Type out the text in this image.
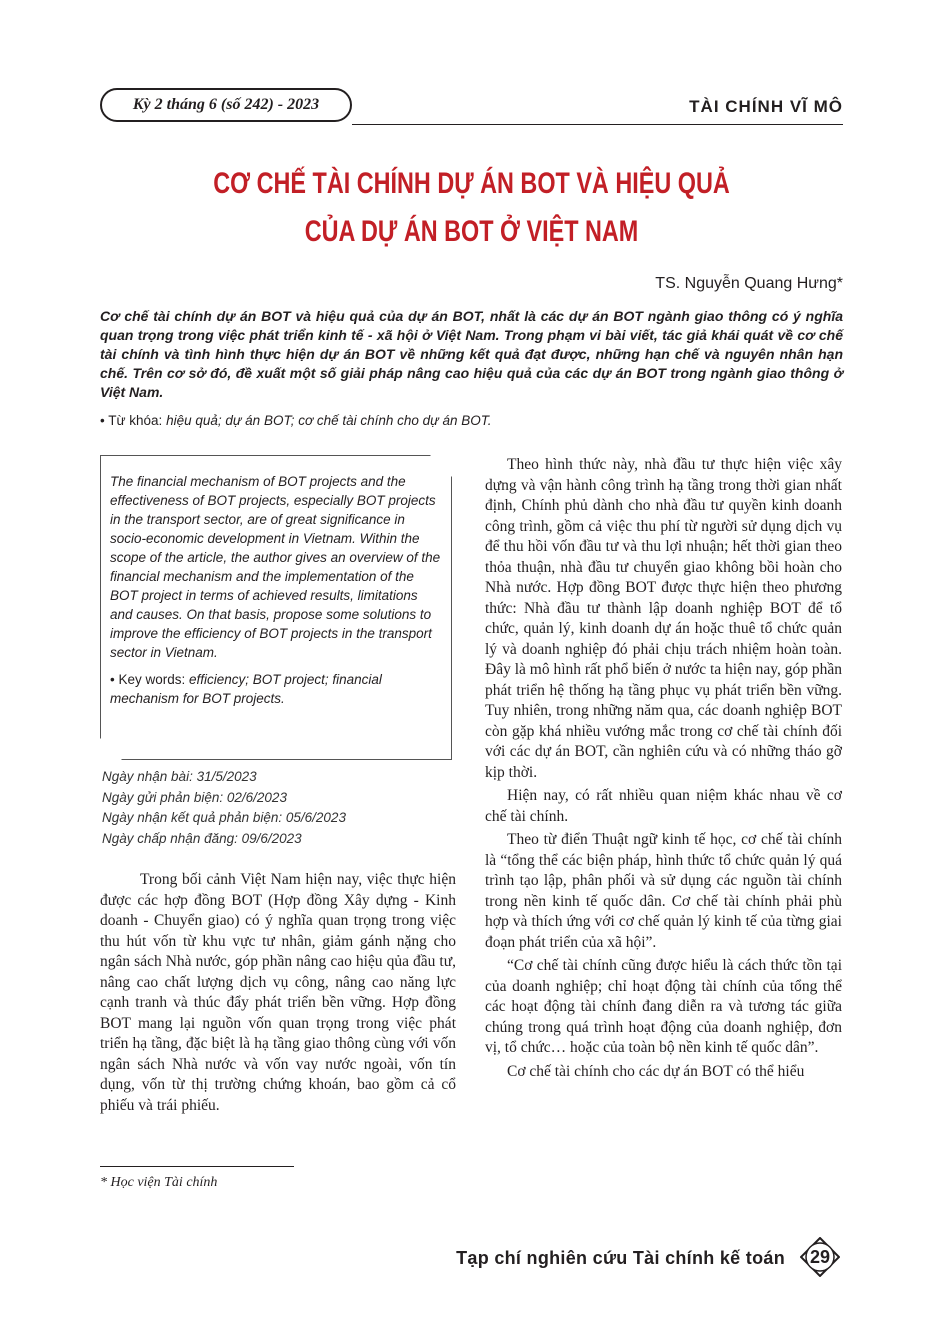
Kỳ 2 tháng 6 (số 242) - 2023	TÀI CHÍNH VĨ MÔ
CƠ CHẾ TÀI CHÍNH DỰ ÁN BOT VÀ HIỆU QUẢ
CỦA DỰ ÁN BOT Ở VIỆT NAM
TS. Nguyễn Quang Hưng*
Cơ chế tài chính dự án BOT và hiệu quả của dự án BOT, nhất là các dự án BOT ngành giao thông có ý nghĩa quan trọng trong việc phát triển kinh tế - xã hội ở Việt Nam. Trong phạm vi bài viết, tác giả khái quát về cơ chế tài chính và tình hình thực hiện dự án BOT về những kết quả đạt được, những hạn chế và nguyên nhân hạn chế. Trên cơ sở đó, đề xuất một số giải pháp nâng cao hiệu quả của các dự án BOT trong ngành giao thông ở Việt Nam.
• Từ khóa: hiệu quả; dự án BOT; cơ chế tài chính cho dự án BOT.

The financial mechanism of BOT projects and the effectiveness of BOT projects, especially BOT projects in the transport sector, are of great significance in socio-economic development in Vietnam. Within the scope of the article, the author gives an overview of the financial mechanism and the implementation of the BOT project in terms of achieved results, limitations and causes. On that basis, propose some solutions to improve the efficiency of BOT projects in the transport sector in Vietnam.

• Key words: efficiency; BOT project; financial mechanism for BOT projects.

Ngày nhận bài: 31/5/2023
Ngày gửi phản biện: 02/6/2023
Ngày nhận kết quả phản biện: 05/6/2023
Ngày chấp nhận đăng: 09/6/2023

Trong bối cảnh Việt Nam hiện nay, việc thực hiện được các hợp đồng BOT (Hợp đồng Xây dựng - Kinh doanh - Chuyển giao) có ý nghĩa quan trọng trong việc thu hút vốn từ khu vực tư nhân, giảm gánh nặng cho ngân sách Nhà nước, góp phần nâng cao hiệu qủa đầu tư, nâng cao chất lượng dịch vụ công, nâng cao năng lực cạnh tranh và thúc đẩy phát triển bền vững. Hợp đồng BOT mang lại nguồn vốn quan trọng trong việc phát triển hạ tầng, đặc biệt là hạ tầng giao thông cùng với vốn ngân sách Nhà nước và vốn vay nước ngoài, vốn tín dụng, vốn từ thị trường chứng khoán, bao gồm cả cổ phiếu và trái phiếu.

Theo hình thức này, nhà đầu tư thực hiện việc xây dựng và vận hành công trình hạ tầng trong thời gian nhất định, Chính phủ dành cho nhà đầu tư quyền kinh doanh công trình, gồm cả việc thu phí từ người sử dụng dịch vụ để thu hồi vốn đầu tư và thu lợi nhuận; hết thời gian theo thỏa thuận, nhà đầu tư chuyển giao không bồi hoàn cho Nhà nước. Hợp đồng BOT được thực hiện theo phương thức: Nhà đầu tư thành lập doanh nghiệp BOT để tổ chức, quản lý, kinh doanh dự án hoặc thuê tổ chức quản lý và doanh nghiệp đó phải chịu trách nhiệm hoàn toàn. Đây là mô hình rất phổ biến ở nước ta hiện nay, góp phần phát triển hệ thống hạ tầng phục vụ phát triển bền vững. Tuy nhiên, trong những năm qua, các doanh nghiệp BOT còn gặp khá nhiều vướng mắc trong cơ chế tài chính đối với các dự án BOT, cần nghiên cứu và có những tháo gỡ kịp thời.

Hiện nay, có rất nhiều quan niệm khác nhau về cơ chế tài chính.

Theo từ điển Thuật ngữ kinh tế học, cơ chế tài chính là “tổng thể các biện pháp, hình thức tổ chức quản lý quá trình tạo lập, phân phối và sử dụng các nguồn tài chính trong nền kinh tế quốc dân. Cơ chế tài chính phải phù hợp và thích ứng với cơ chế quản lý kinh tế của từng giai đoạn phát triển của xã hội”.

“Cơ chế tài chính cũng được hiểu là cách thức tồn tại của doanh nghiệp; chỉ hoạt động tài chính của tổng thể các hoạt động tài chính đang diễn ra và tương tác giữa chúng trong quá trình hoạt động của doanh nghiệp, đơn vị, tổ chức… hoặc của toàn bộ nền kinh tế quốc dân”.

Cơ chế tài chính cho các dự án BOT có thể hiểu

* Học viện Tài chính
Tạp chí nghiên cứu Tài chính kế toán	29
